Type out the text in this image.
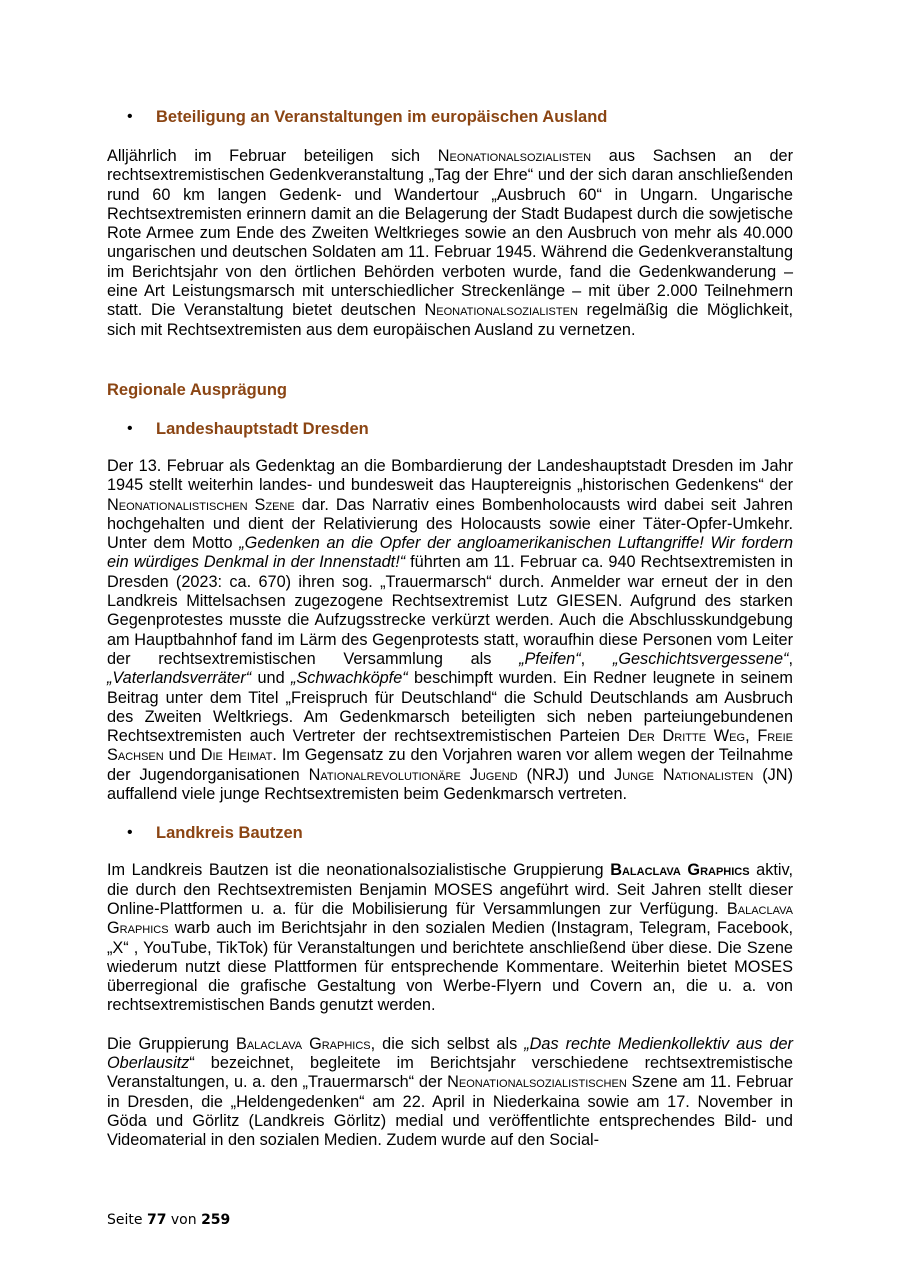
• Beteiligung an Veranstaltungen im europäischen Ausland

Alljährlich im Februar beteiligen sich Neonationalsozialisten aus Sachsen an der rechtsextremistischen Gedenkveranstaltung „Tag der Ehre“ und der sich daran anschließenden rund 60 km langen Gedenk- und Wandertour „Ausbruch 60“ in Ungarn. Ungarische Rechtsextremisten erinnern damit an die Belagerung der Stadt Budapest durch die sowjetische Rote Armee zum Ende des Zweiten Weltkrieges sowie an den Ausbruch von mehr als 40.000 ungarischen und deutschen Soldaten am 11. Februar 1945. Während die Gedenkveranstaltung im Berichtsjahr von den örtlichen Behörden verboten wurde, fand die Gedenkwanderung – eine Art Leistungsmarsch mit unterschiedlicher Streckenlänge – mit über 2.000 Teilnehmern statt. Die Veranstaltung bietet deutschen Neonationalsozialisten regelmäßig die Möglichkeit, sich mit Rechtsextremisten aus dem europäischen Ausland zu vernetzen.

Regionale Ausprägung
• Landeshauptstadt Dresden

Der 13. Februar als Gedenktag an die Bombardierung der Landeshauptstadt Dresden im Jahr 1945 stellt weiterhin landes- und bundesweit das Hauptereignis „historischen Gedenkens“ der Neonationalistischen Szene dar. Das Narrativ eines Bombenholocausts wird dabei seit Jahren hochgehalten und dient der Relativierung des Holocausts sowie einer Täter-Opfer-Umkehr. Unter dem Motto „Gedenken an die Opfer der angloamerikanischen Luftangriffe! Wir fordern ein würdiges Denkmal in der Innenstadt!“ führten am 11. Februar ca. 940 Rechtsextremisten in Dresden (2023: ca. 670) ihren sog. „Trauermarsch“ durch. Anmelder war erneut der in den Landkreis Mittelsachsen zugezogene Rechtsextremist Lutz GIESEN. Aufgrund des starken Gegenprotestes musste die Aufzugsstrecke verkürzt werden. Auch die Abschlusskundgebung am Hauptbahnhof fand im Lärm des Gegenprotests statt, woraufhin diese Personen vom Leiter der rechtsextremistischen Versammlung als „Pfeifen“, „Geschichtsvergessene“, „Vaterlandsverräter“ und „Schwachköpfe“ beschimpft wurden. Ein Redner leugnete in seinem Beitrag unter dem Titel „Freispruch für Deutschland“ die Schuld Deutschlands am Ausbruch des Zweiten Weltkriegs. Am Gedenkmarsch beteiligten sich neben parteiungebundenen Rechtsextremisten auch Vertreter der rechtsextremistischen Parteien Der Dritte Weg, Freie Sachsen und Die Heimat. Im Gegensatz zu den Vorjahren waren vor allem wegen der Teilnahme der Jugendorganisationen Nationalrevolutionäre Jugend (NRJ) und Junge Nationalisten (JN) auffallend viele junge Rechtsextremisten beim Gedenkmarsch vertreten.

• Landkreis Bautzen

Im Landkreis Bautzen ist die neonationalsozialistische Gruppierung Balaclava Graphics aktiv, die durch den Rechtsextremisten Benjamin MOSES angeführt wird. Seit Jahren stellt dieser Online-Plattformen u. a. für die Mobilisierung für Versammlungen zur Verfügung. Balaclava Graphics warb auch im Berichtsjahr in den sozialen Medien (Instagram, Telegram, Facebook, „X“ , YouTube, TikTok) für Veranstaltungen und berichtete anschließend über diese. Die Szene wiederum nutzt diese Plattformen für entsprechende Kommentare. Weiterhin bietet MOSES überregional die grafische Gestaltung von Werbe-Flyern und Covern an, die u. a. von rechtsextremistischen Bands genutzt werden.

Die Gruppierung Balaclava Graphics, die sich selbst als „Das rechte Medienkollektiv aus der Oberlausitz“ bezeichnet, begleitete im Berichtsjahr verschiedene rechtsextremistische Veranstaltungen, u. a. den „Trauermarsch“ der Neonationalsozialistischen Szene am 11. Februar in Dresden, die „Heldengedenken“ am 22. April in Niederkaina sowie am 17. November in Göda und Görlitz (Landkreis Görlitz) medial und veröffentlichte entsprechendes Bild- und Videomaterial in den sozialen Medien. Zudem wurde auf den Social-

Seite 77 von 259
